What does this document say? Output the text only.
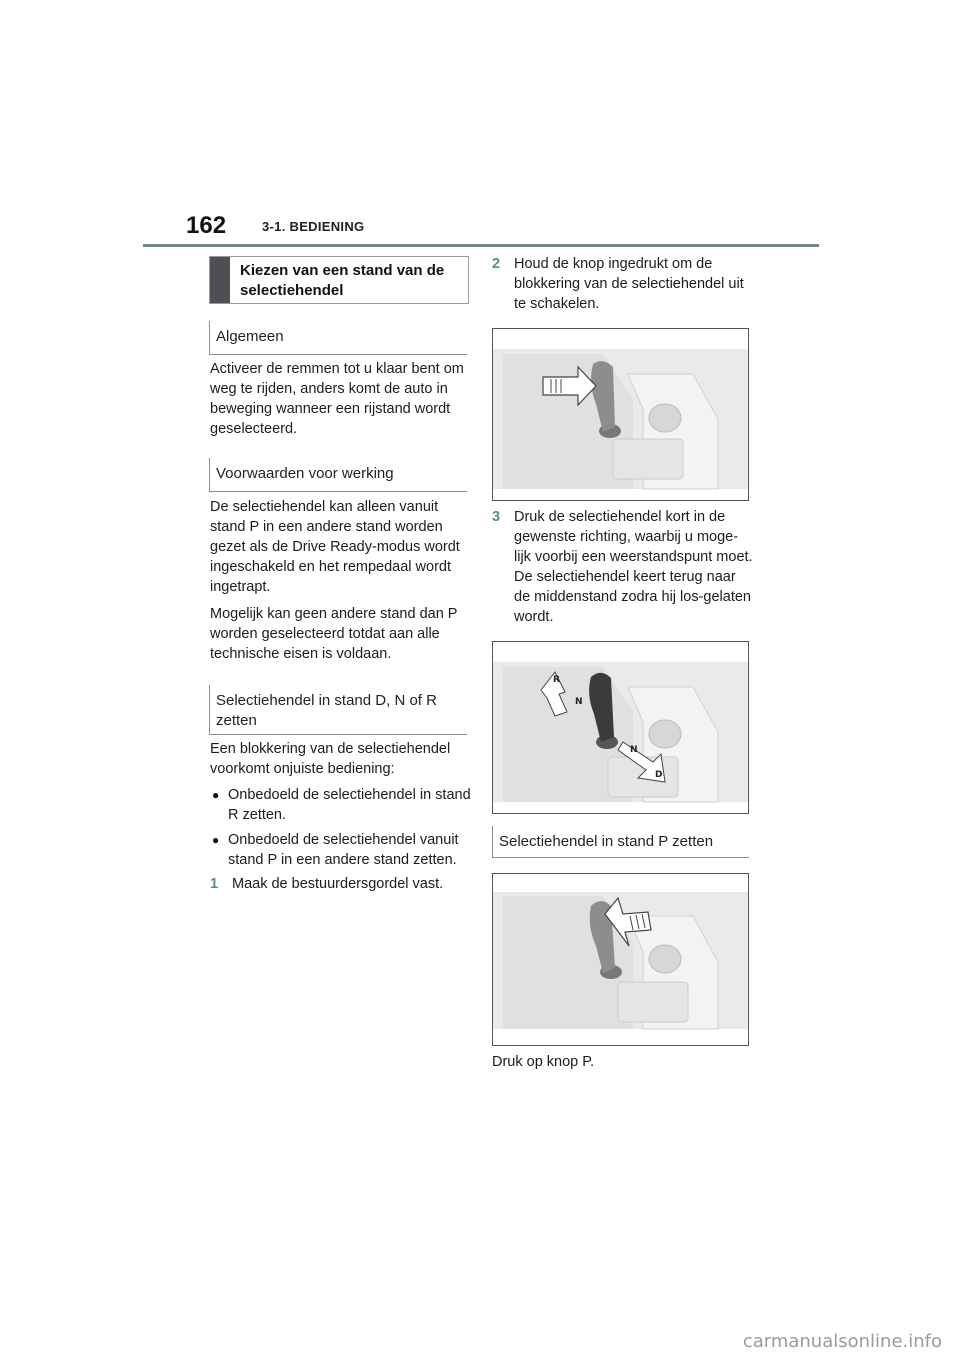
162	3-1. BEDIENING
Kiezen van een stand van de selectiehendel
Algemeen
Activeer de remmen tot u klaar bent om weg te rijden, anders komt de auto in beweging wanneer een rijstand wordt geselecteerd.
Voorwaarden voor werking
De selectiehendel kan alleen vanuit stand P in een andere stand worden gezet als de Drive Ready-modus wordt ingeschakeld en het rempedaal wordt ingetrapt.
Mogelijk kan geen andere stand dan P worden geselecteerd totdat aan alle technische eisen is voldaan.
Selectiehendel in stand D, N of R zetten
Een blokkering van de selectiehendel voorkomt onjuiste bediening:
● Onbedoeld de selectiehendel in stand R zetten.
● Onbedoeld de selectiehendel vanuit stand P in een andere stand zetten.
1 Maak de bestuurdersgordel vast.
2 Houd de knop ingedrukt om de blokkering van de selectiehendel uit te schakelen.
3 Druk de selectiehendel kort in de gewenste richting, waarbij u moge-lijk voorbij een weerstandspunt moet. De selectiehendel keert terug naar de middenstand zodra hij los-gelaten wordt.
R
N
N
D
Selectiehendel in stand P zetten
Druk op knop P.
carmanualsonline.info
